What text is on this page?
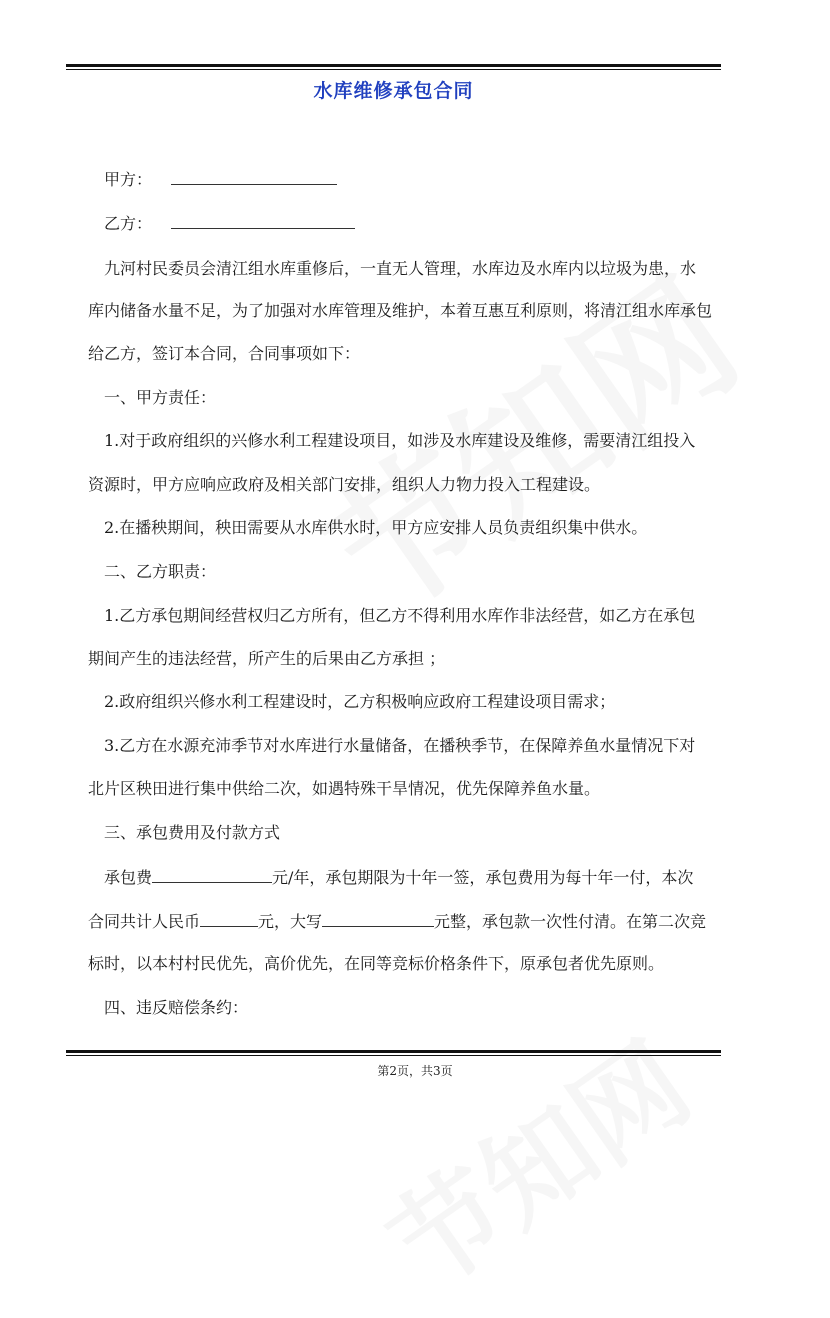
水库维修承包合同
甲方：
乙方：
九河村民委员会清江组水库重修后，一直无人管理，水库边及水库内以垃圾为患，水
库内储备水量不足，为了加强对水库管理及维护，本着互惠互利原则，将清江组水库承包
给乙方，签订本合同，合同事项如下：
一、甲方责任：
1.对于政府组织的兴修水利工程建设项目，如涉及水库建设及维修，需要清江组投入
资源时，甲方应响应政府及相关部门安排，组织人力物力投入工程建设。
2.在播秧期间，秧田需要从水库供水时，甲方应安排人员负责组织集中供水。
二、乙方职责：
1.乙方承包期间经营权归乙方所有，但乙方不得利用水库作非法经营，如乙方在承包
期间产生的违法经营，所产生的后果由乙方承担 ；
2.政府组织兴修水利工程建设时，乙方积极响应政府工程建设项目需求；
3.乙方在水源充沛季节对水库进行水量储备，在播秧季节，在保障养鱼水量情况下对
北片区秧田进行集中供给二次，如遇特殊干旱情况，优先保障养鱼水量。
三、承包费用及付款方式
承包费	元/年，承包期限为十年一签，承包费用为每十年一付，本次
合同共计人民币	元，大写	元整，承包款一次性付清。在第二次竞
标时，以本村村民优先，高价优先，在同等竞标价格条件下，原承包者优先原则。
四、违反赔偿条约：
第2页，共3页
